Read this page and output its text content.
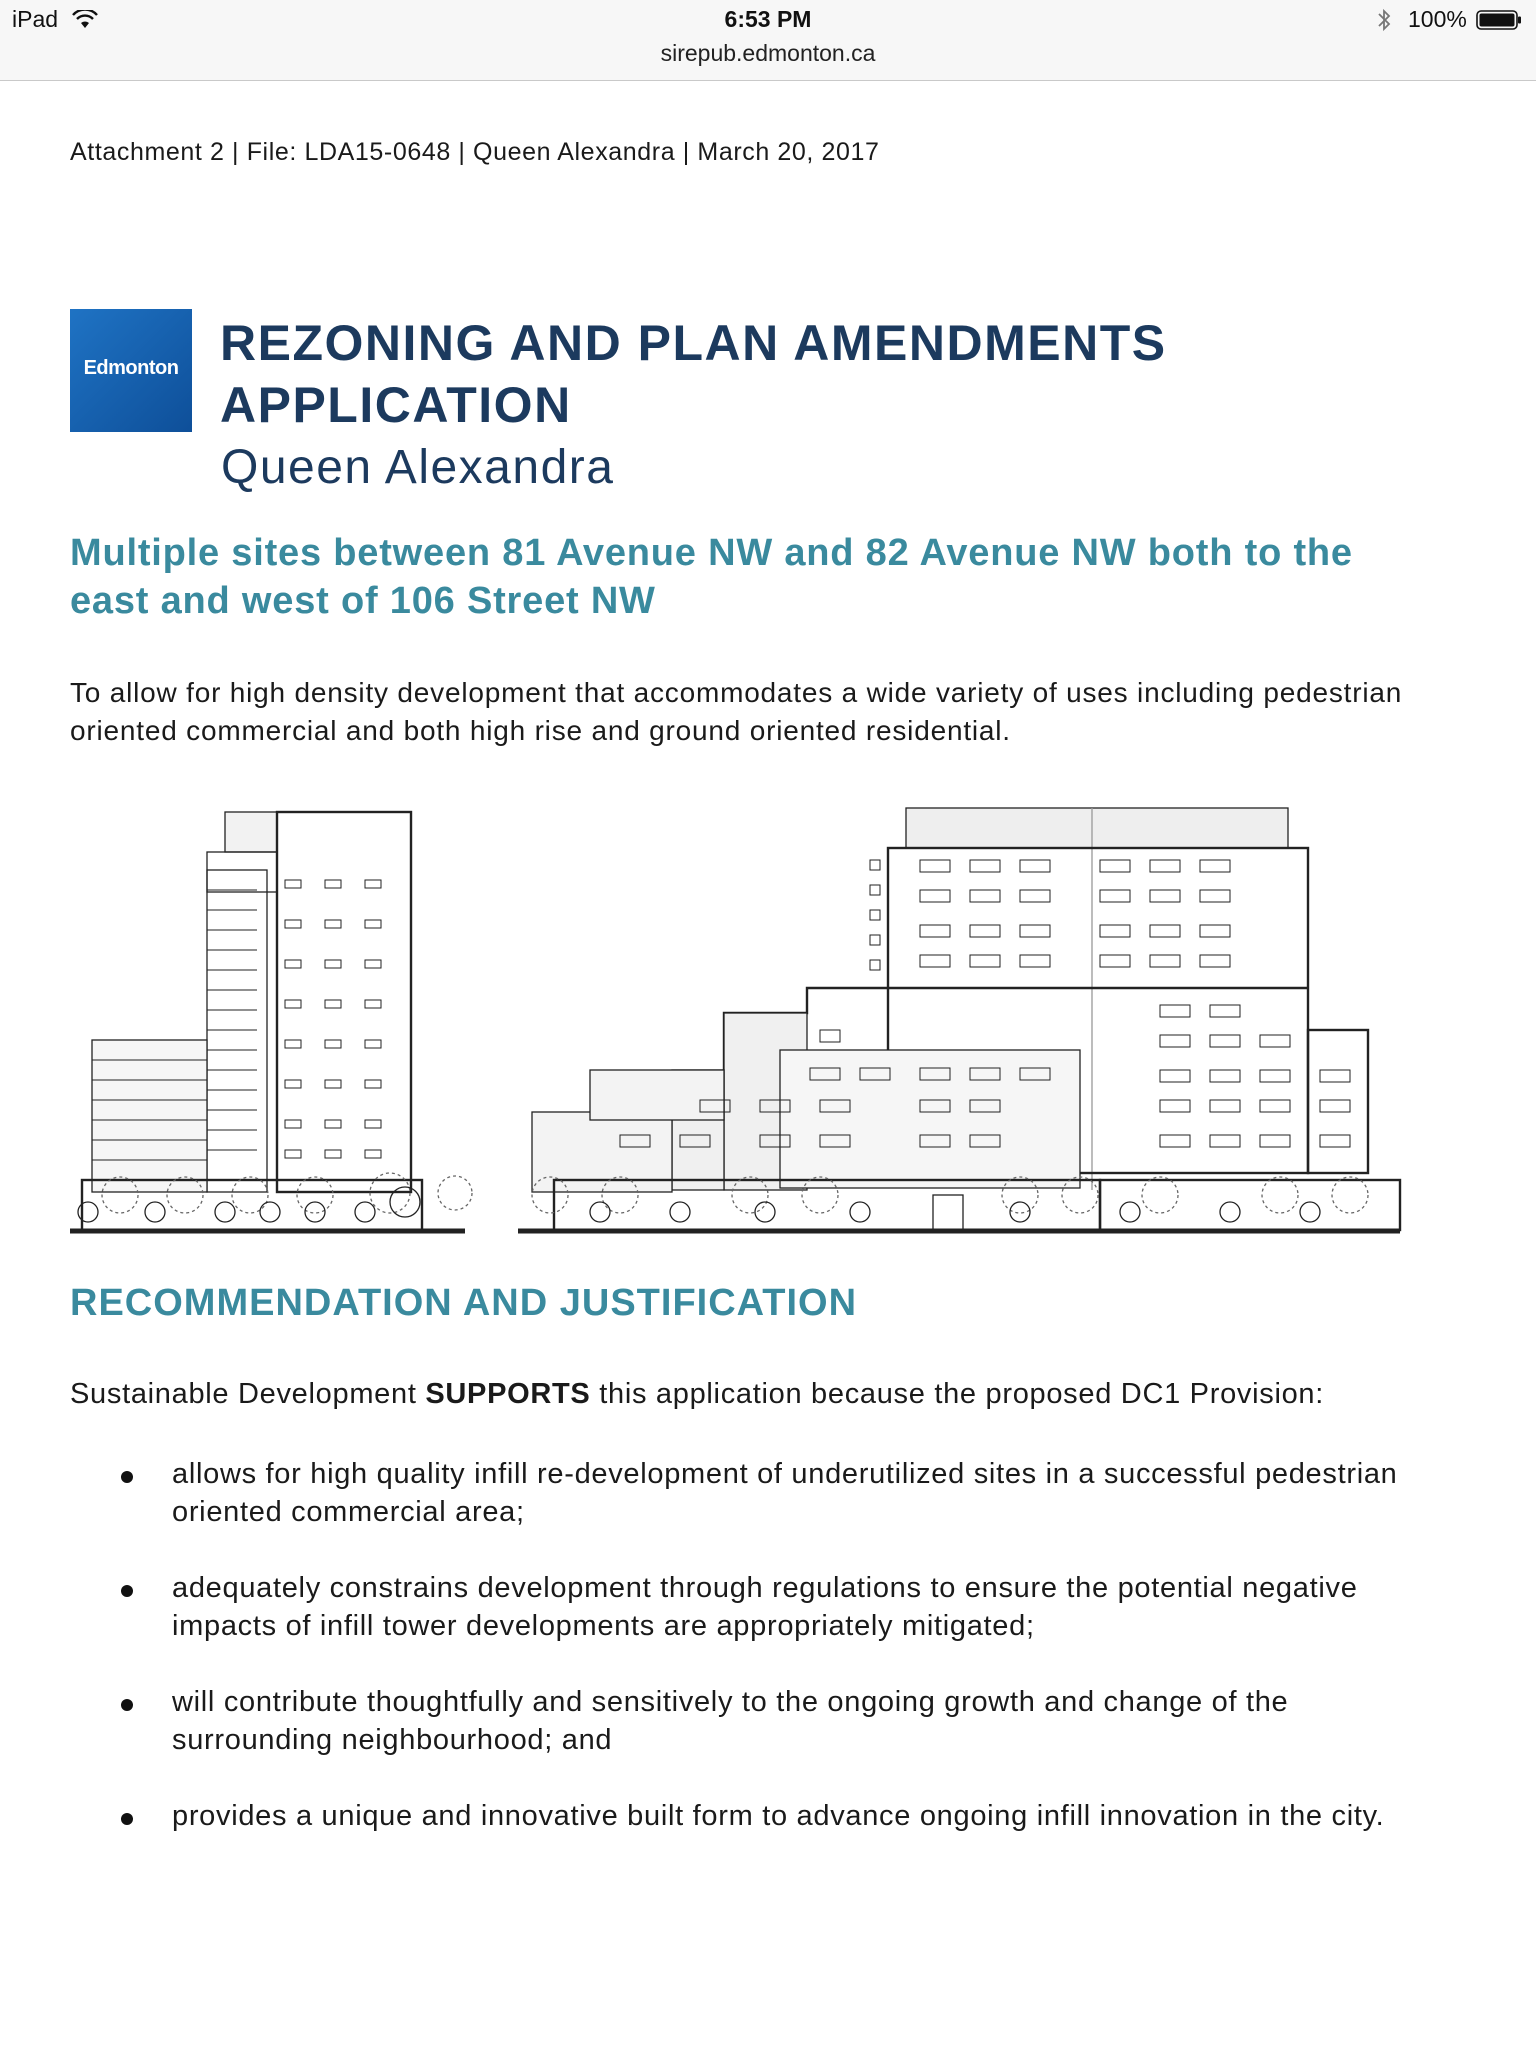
iPad	6:53 PM
sirepub.edmonton.ca
100%
Attachment 2 | File: LDA15-0648 | Queen Alexandra | March 20, 2017
Edmonton REZONING AND PLAN AMENDMENTS
APPLICATION
Queen Alexandra
Multiple sites between 81 Avenue NW and 82 Avenue NW both to the east and west of 106 Street NW
To allow for high density development that accommodates a wide variety of uses including pedestrian oriented commercial and both high rise and ground oriented residential.
RECOMMENDATION AND JUSTIFICATION
Sustainable Development SUPPORTS this application because the proposed DC1 Provision:
allows for high quality infill re-development of underutilized sites in a successful pedestrian oriented commercial area;
adequately constrains development through regulations to ensure the potential negative impacts of infill tower developments are appropriately mitigated;
will contribute thoughtfully and sensitively to the ongoing growth and change of the surrounding neighbourhood; and
provides a unique and innovative built form to advance ongoing infill innovation in the city.
